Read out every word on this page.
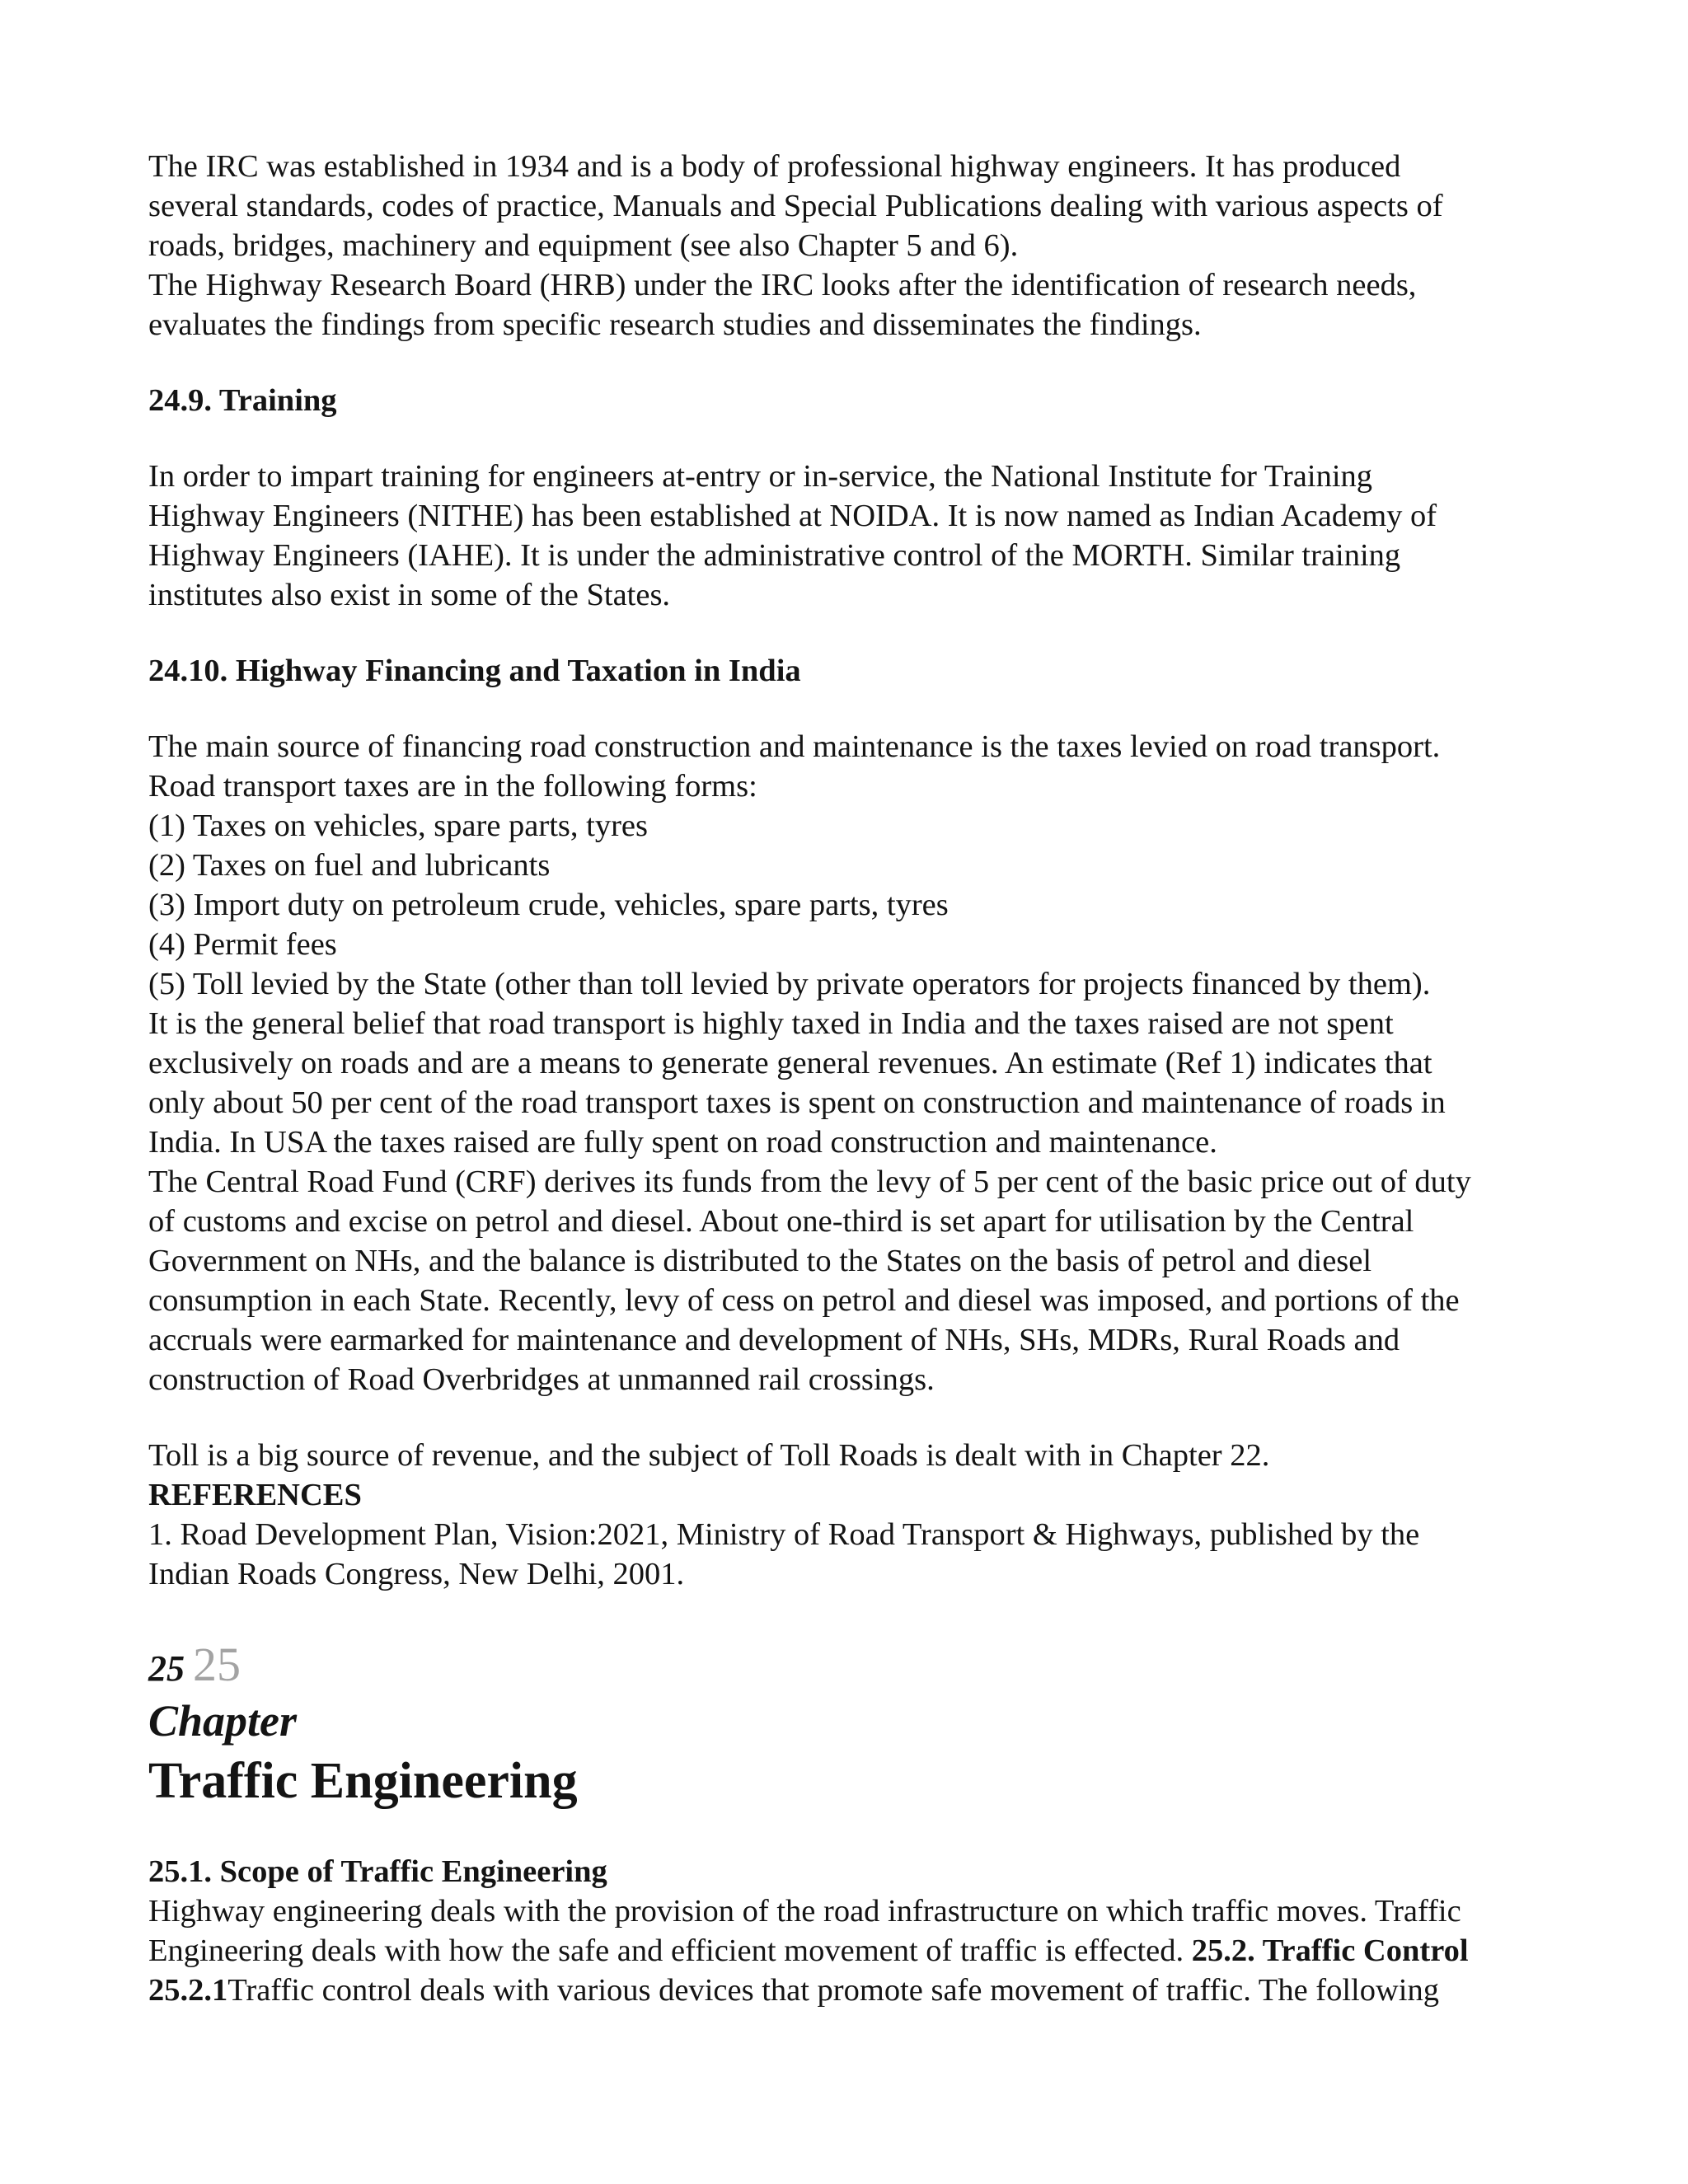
The IRC was established in 1934 and is a body of professional highway engineers. It has produced
several standards, codes of practice, Manuals and Special Publications dealing with various aspects of
roads, bridges, machinery and equipment (see also Chapter 5 and 6).
The Highway Research Board (HRB) under the IRC looks after the identification of research needs,
evaluates the findings from specific research studies and disseminates the findings.
24.9. Training
In order to impart training for engineers at-entry or in-service, the National Institute for Training
Highway Engineers (NITHE) has been established at NOIDA. It is now named as Indian Academy of
Highway Engineers (IAHE). It is under the administrative control of the MORTH. Similar training
institutes also exist in some of the States.
24.10. Highway Financing and Taxation in India
The main source of financing road construction and maintenance is the taxes levied on road transport.
Road transport taxes are in the following forms:
(1) Taxes on vehicles, spare parts, tyres
(2) Taxes on fuel and lubricants
(3) Import duty on petroleum crude, vehicles, spare parts, tyres
(4) Permit fees
(5) Toll levied by the State (other than toll levied by private operators for projects financed by them).
It is the general belief that road transport is highly taxed in India and the taxes raised are not spent
exclusively on roads and are a means to generate general revenues. An estimate (Ref 1) indicates that
only about 50 per cent of the road transport taxes is spent on construction and maintenance of roads in
India. In USA the taxes raised are fully spent on road construction and maintenance.
The Central Road Fund (CRF) derives its funds from the levy of 5 per cent of the basic price out of duty
of customs and excise on petrol and diesel. About one-third is set apart for utilisation by the Central
Government on NHs, and the balance is distributed to the States on the basis of petrol and diesel
consumption in each State. Recently, levy of cess on petrol and diesel was imposed, and portions of the
accruals were earmarked for maintenance and development of NHs, SHs, MDRs, Rural Roads and
construction of Road Overbridges at unmanned rail crossings.
Toll is a big source of revenue, and the subject of Toll Roads is dealt with in Chapter 22.
REFERENCES
1. Road Development Plan, Vision:2021, Ministry of Road Transport & Highways, published by the
Indian Roads Congress, New Delhi, 2001.
25 25
Chapter
Traffic Engineering
25.1. Scope of Traffic Engineering
Highway engineering deals with the provision of the road infrastructure on which traffic moves. Traffic
Engineering deals with how the safe and efficient movement of traffic is effected. 25.2. Traffic Control
25.2.1Traffic control deals with various devices that promote safe movement of traffic. The following
